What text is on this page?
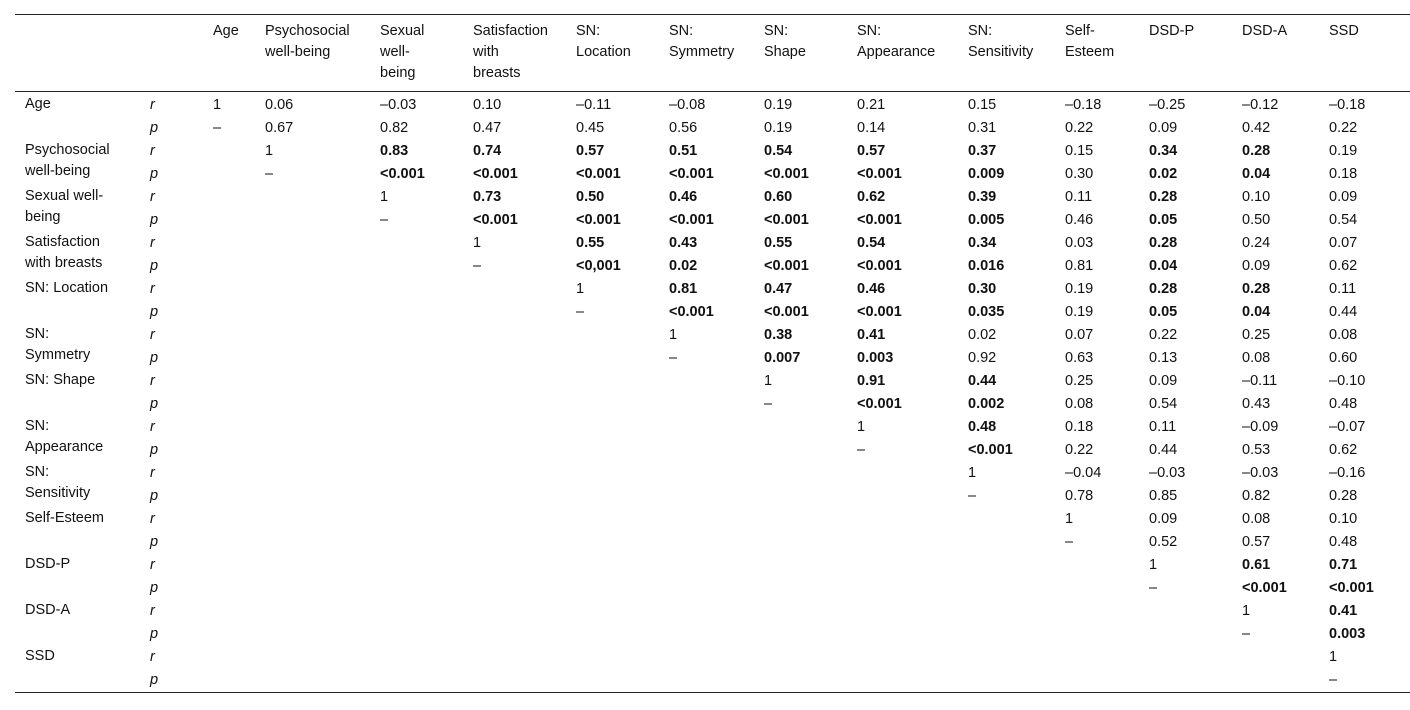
		Age	Psychosocial
well-being	Sexual
well-
being	Satisfaction
with
breasts	SN:
Location	SN:
Symmetry	SN:
Shape	SN:
Appearance	SN:
Sensitivity	Self-
Esteem	DSD-P	DSD-A	SSD
Age	r	1	0.06	–0.03	0.10	–0.11	–0.08	0.19	0.21	0.15	–0.18	–0.25	–0.12	–0.18
	p	–	0.67	0.82	0.47	0.45	0.56	0.19	0.14	0.31	0.22	0.09	0.42	0.22
Psychosocial
well-being	r		1	0.83	0.74	0.57	0.51	0.54	0.57	0.37	0.15	0.34	0.28	0.19
	p		–	<0.001	<0.001	<0.001	<0.001	<0.001	<0.001	0.009	0.30	0.02	0.04	0.18
Sexual well-
being	r			1	0.73	0.50	0.46	0.60	0.62	0.39	0.11	0.28	0.10	0.09
	p			–	<0.001	<0.001	<0.001	<0.001	<0.001	0.005	0.46	0.05	0.50	0.54
Satisfaction
with breasts	r				1	0.55	0.43	0.55	0.54	0.34	0.03	0.28	0.24	0.07
	p				–	<0,001	0.02	<0.001	<0.001	0.016	0.81	0.04	0.09	0.62
SN: Location	r					1	0.81	0.47	0.46	0.30	0.19	0.28	0.28	0.11
	p					–	<0.001	<0.001	<0.001	0.035	0.19	0.05	0.04	0.44
SN:
Symmetry	r						1	0.38	0.41	0.02	0.07	0.22	0.25	0.08
	p						–	0.007	0.003	0.92	0.63	0.13	0.08	0.60
SN: Shape	r							1	0.91	0.44	0.25	0.09	–0.11	–0.10
	p							–	<0.001	0.002	0.08	0.54	0.43	0.48
SN:
Appearance	r								1	0.48	0.18	0.11	–0.09	–0.07
	p								–	<0.001	0.22	0.44	0.53	0.62
SN:
Sensitivity	r									1	–0.04	–0.03	–0.03	–0.16
	p									–	0.78	0.85	0.82	0.28
Self-Esteem	r										1	0.09	0.08	0.10
	p										–	0.52	0.57	0.48
DSD-P	r											1	0.61	0.71
	p											–	<0.001	<0.001
DSD-A	r												1	0.41
	p												–	0.003
SSD	r													1
	p													–
